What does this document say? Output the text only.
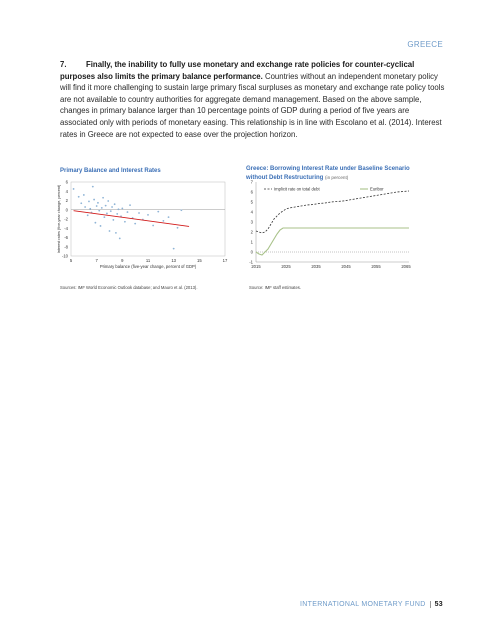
GREECE
7. Finally, the inability to fully use monetary and exchange rate policies for counter-cyclical purposes also limits the primary balance performance. Countries without an independent monetary policy will find it more challenging to sustain large primary fiscal surpluses as monetary and exchange rate policy tools are not available to country authorities for aggregate demand management. Based on the above sample, changes in primary balance larger than 10 percentage points of GDP during a period of five years are associated only with periods of monetary easing. This relationship is in line with Escolano et al. (2014). Interest rates in Greece are not expected to ease over the projection horizon.
Primary Balance and Interest Rates
6
4
2
0
-2
-4
-6
-8
-10
5	7	9	11	13	15	17
Primary balance (five-year change, percent of GDP)
Interest rates (five-year change, percent)
Sources: IMF World Economic Outlook database; and Mauro et al. (2013).
Greece: Borrowing Interest Rate under Baseline Scenario
without Debt Restructuring (in percent)
7
6
5
4
3
2
1
0
-1
2015	2025	2035	2045	2055	2065
Implicit rate on total debt	Euribor
Source: IMF staff estimates.
INTERNATIONAL MONETARY FUND 53
